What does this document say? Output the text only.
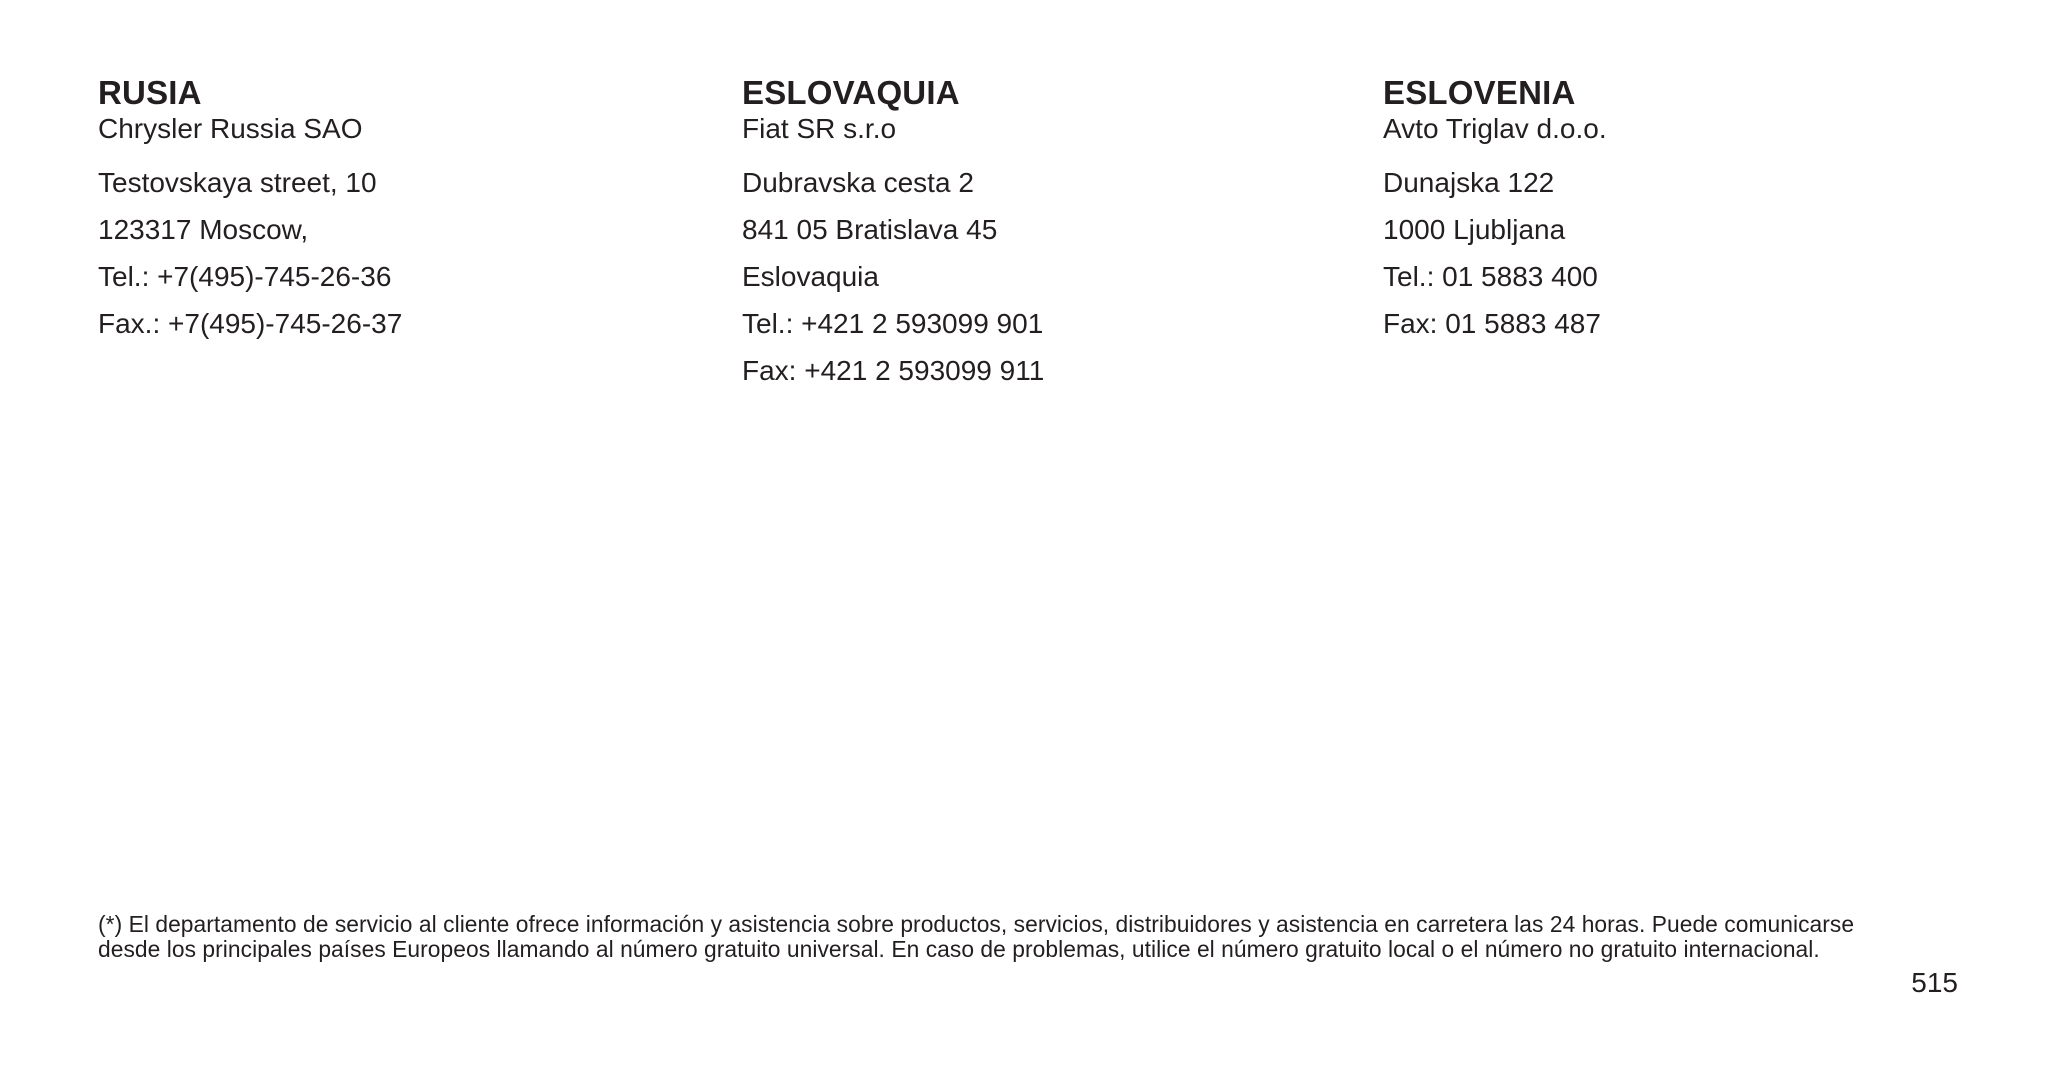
RUSIA
Chrysler Russia SAO
Testovskaya street, 10
123317 Moscow,
Tel.: +7(495)-745-26-36
Fax.: +7(495)-745-26-37
ESLOVAQUIA
Fiat SR s.r.o
Dubravska cesta 2
841 05 Bratislava 45
Eslovaquia
Tel.: +421 2 593099 901
Fax: +421 2 593099 911
ESLOVENIA
Avto Triglav d.o.o.
Dunajska 122
1000 Ljubljana
Tel.: 01 5883 400
Fax: 01 5883 487

(*) El departamento de servicio al cliente ofrece información y asistencia sobre productos, servicios, distribuidores y asistencia en carretera las 24 horas. Puede comunicarse
desde los principales países Europeos llamando al número gratuito universal. En caso de problemas, utilice el número gratuito local o el número no gratuito internacional.

515
